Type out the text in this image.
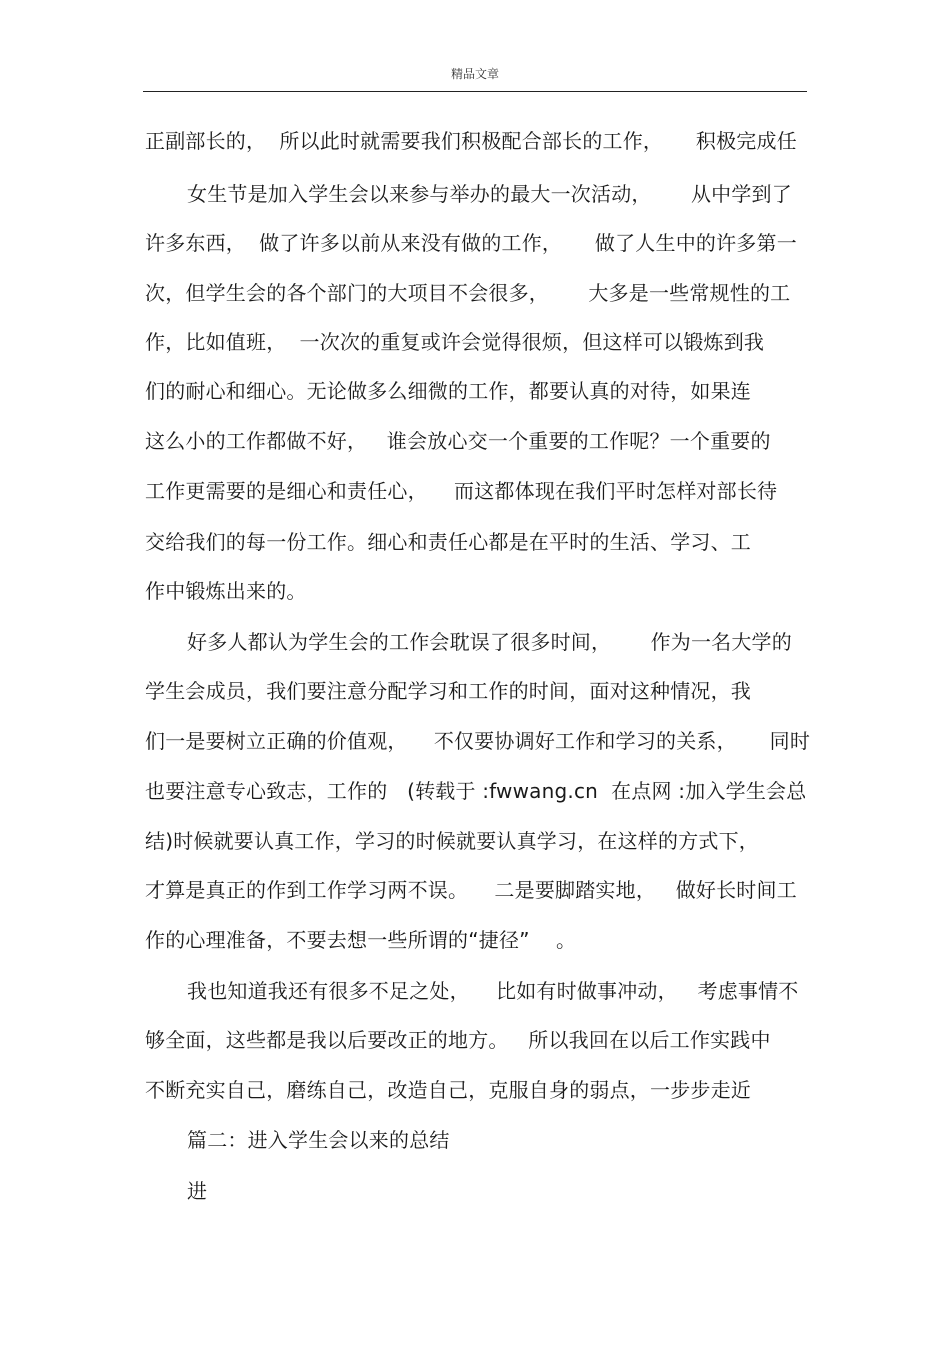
精品文章
正副部长的，  所以此时就需要我们积极配合部长的工作，     积极完成任
女生节是加入学生会以来参与举办的最大一次活动，      从中学到了
许多东西，  做了许多以前从来没有做的工作，     做了人生中的许多第一
次，但学生会的各个部门的大项目不会很多，      大多是一些常规性的工
作，比如值班，  一次次的重复或许会觉得很烦，但这样可以锻炼到我
们的耐心和细心。无论做多么细微的工作，都要认真的对待，如果连
这么小的工作都做不好，   谁会放心交一个重要的工作呢？一个重要的
工作更需要的是细心和责任心，    而这都体现在我们平时怎样对部长待
交给我们的每一份工作。细心和责任心都是在平时的生活、学习、工
作中锻炼出来的。
好多人都认为学生会的工作会耽误了很多时间，      作为一名大学的
学生会成员，我们要注意分配学习和工作的时间，面对这种情况，我
们一是要树立正确的价值观，    不仅要协调好工作和学习的关系，     同时
也要注意专心致志，工作的   (转载于 :fwwang.cn  在点网 :加入学生会总
结)时候就要认真工作，学习的时候就要认真学习，在这样的方式下，
才算是真正的作到工作学习两不误。    二是要脚踏实地，   做好长时间工
作的心理准备，不要去想一些所谓的“捷径”    。
我也知道我还有很多不足之处，    比如有时做事冲动，   考虑事情不
够全面，这些都是我以后要改正的地方。   所以我回在以后工作实践中
不断充实自己，磨练自己，改造自己，克服自身的弱点，一步步走近
篇二：进入学生会以来的总结
进
